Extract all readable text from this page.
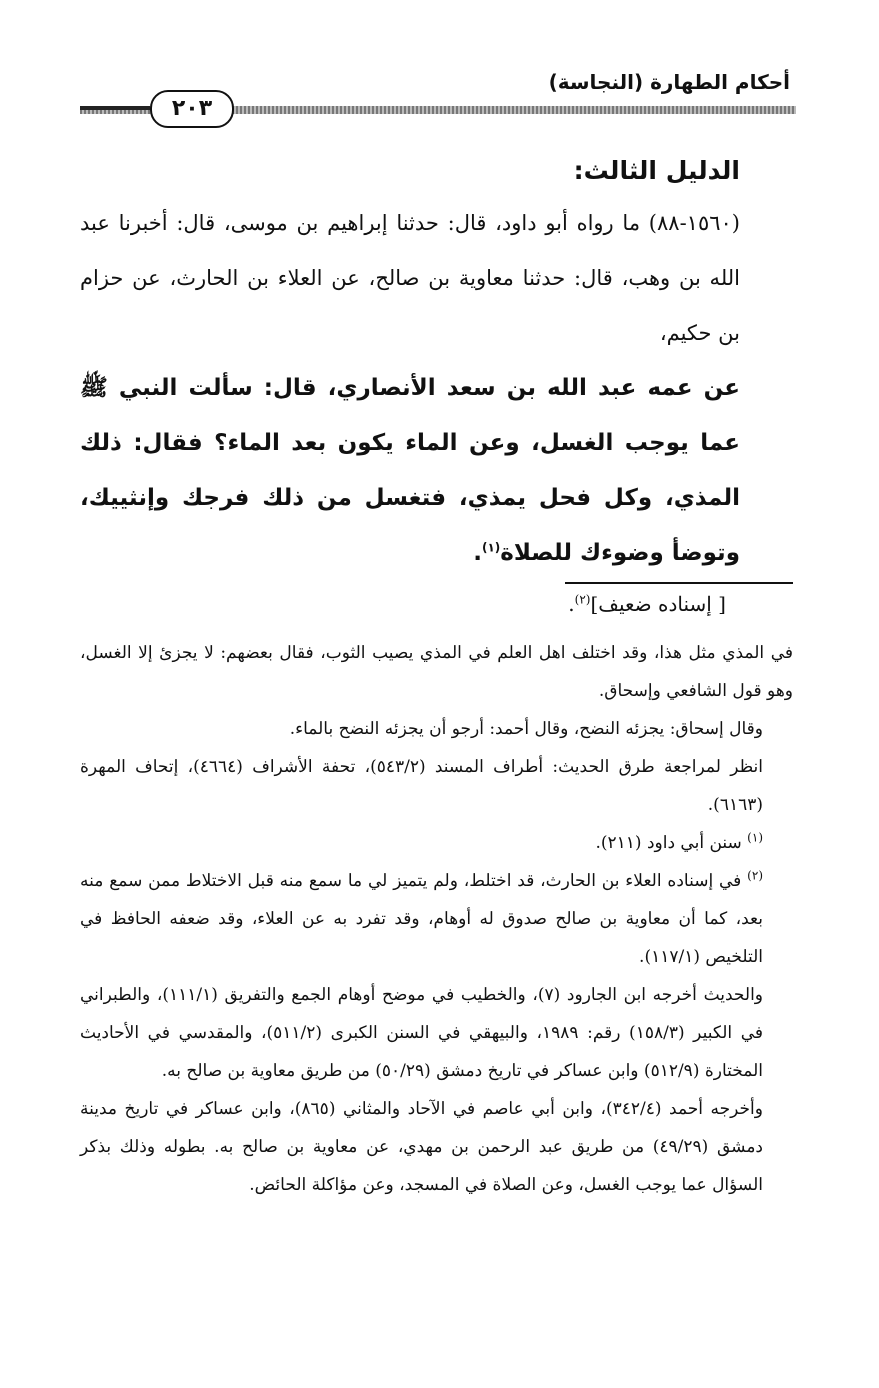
٢٠٣
أحكام الطهارة (النجاسة)

الدليل الثالث:

(١٥٦٠-٨٨) ما رواه أبو داود، قال: حدثنا إبراهيم بن موسى، قال: أخبرنا عبد الله بن وهب، قال: حدثنا معاوية بن صالح، عن العلاء بن الحارث، عن حزام بن حكيم،

عن عمه عبد الله بن سعد الأنصاري، قال: سألت النبي ﷺ عما يوجب الغسل، وعن الماء يكون بعد الماء؟ فقال: ذلك المذي، وكل فحل يمذي، فتغسل من ذلك فرجك وإنثييك، وتوضأ وضوءك للصلاة$^{(١)}$.

[ إسناده ضعيف]$^{(٢)}$.

في المذي مثل هذا، وقد اختلف اهل العلم في المذي يصيب الثوب، فقال بعضهم: لا يجزئ إلا الغسل، وهو قول الشافعي وإسحاق.

وقال إسحاق: يجزئه النضح، وقال أحمد: أرجو أن يجزئه النضح بالماء.

انظر لمراجعة طرق الحديث: أطراف المسند (٥٤٣/٢)، تحفة الأشراف (٤٦٦٤)، إتحاف المهرة (٦١٦٣).

$^{(١)}$ سنن أبي داود (٢١١).

$^{(٢)}$ في إسناده العلاء بن الحارث، قد اختلط، ولم يتميز لي ما سمع منه قبل الاختلاط ممن سمع منه بعد، كما أن معاوية بن صالح صدوق له أوهام، وقد تفرد به عن العلاء، وقد ضعفه الحافظ في التلخيص (١١٧/١).

والحديث أخرجه ابن الجارود (٧)، والخطيب في موضح أوهام الجمع والتفريق (١١١/١)، والطبراني في الكبير (١٥٨/٣) رقم: ١٩٨٩، والبيهقي في السنن الكبرى (٥١١/٢)، والمقدسي في الأحاديث المختارة (٥١٢/٩) وابن عساكر في تاريخ دمشق (٥٠/٢٩) من طريق معاوية بن صالح به.

وأخرجه أحمد (٣٤٢/٤)، وابن أبي عاصم في الآحاد والمثاني (٨٦٥)، وابن عساكر في تاريخ مدينة دمشق (٤٩/٢٩) من طريق عبد الرحمن بن مهدي، عن معاوية بن صالح به. بطوله وذلك بذكر السؤال عما يوجب الغسل، وعن الصلاة في المسجد، وعن مؤاكلة الحائض.
